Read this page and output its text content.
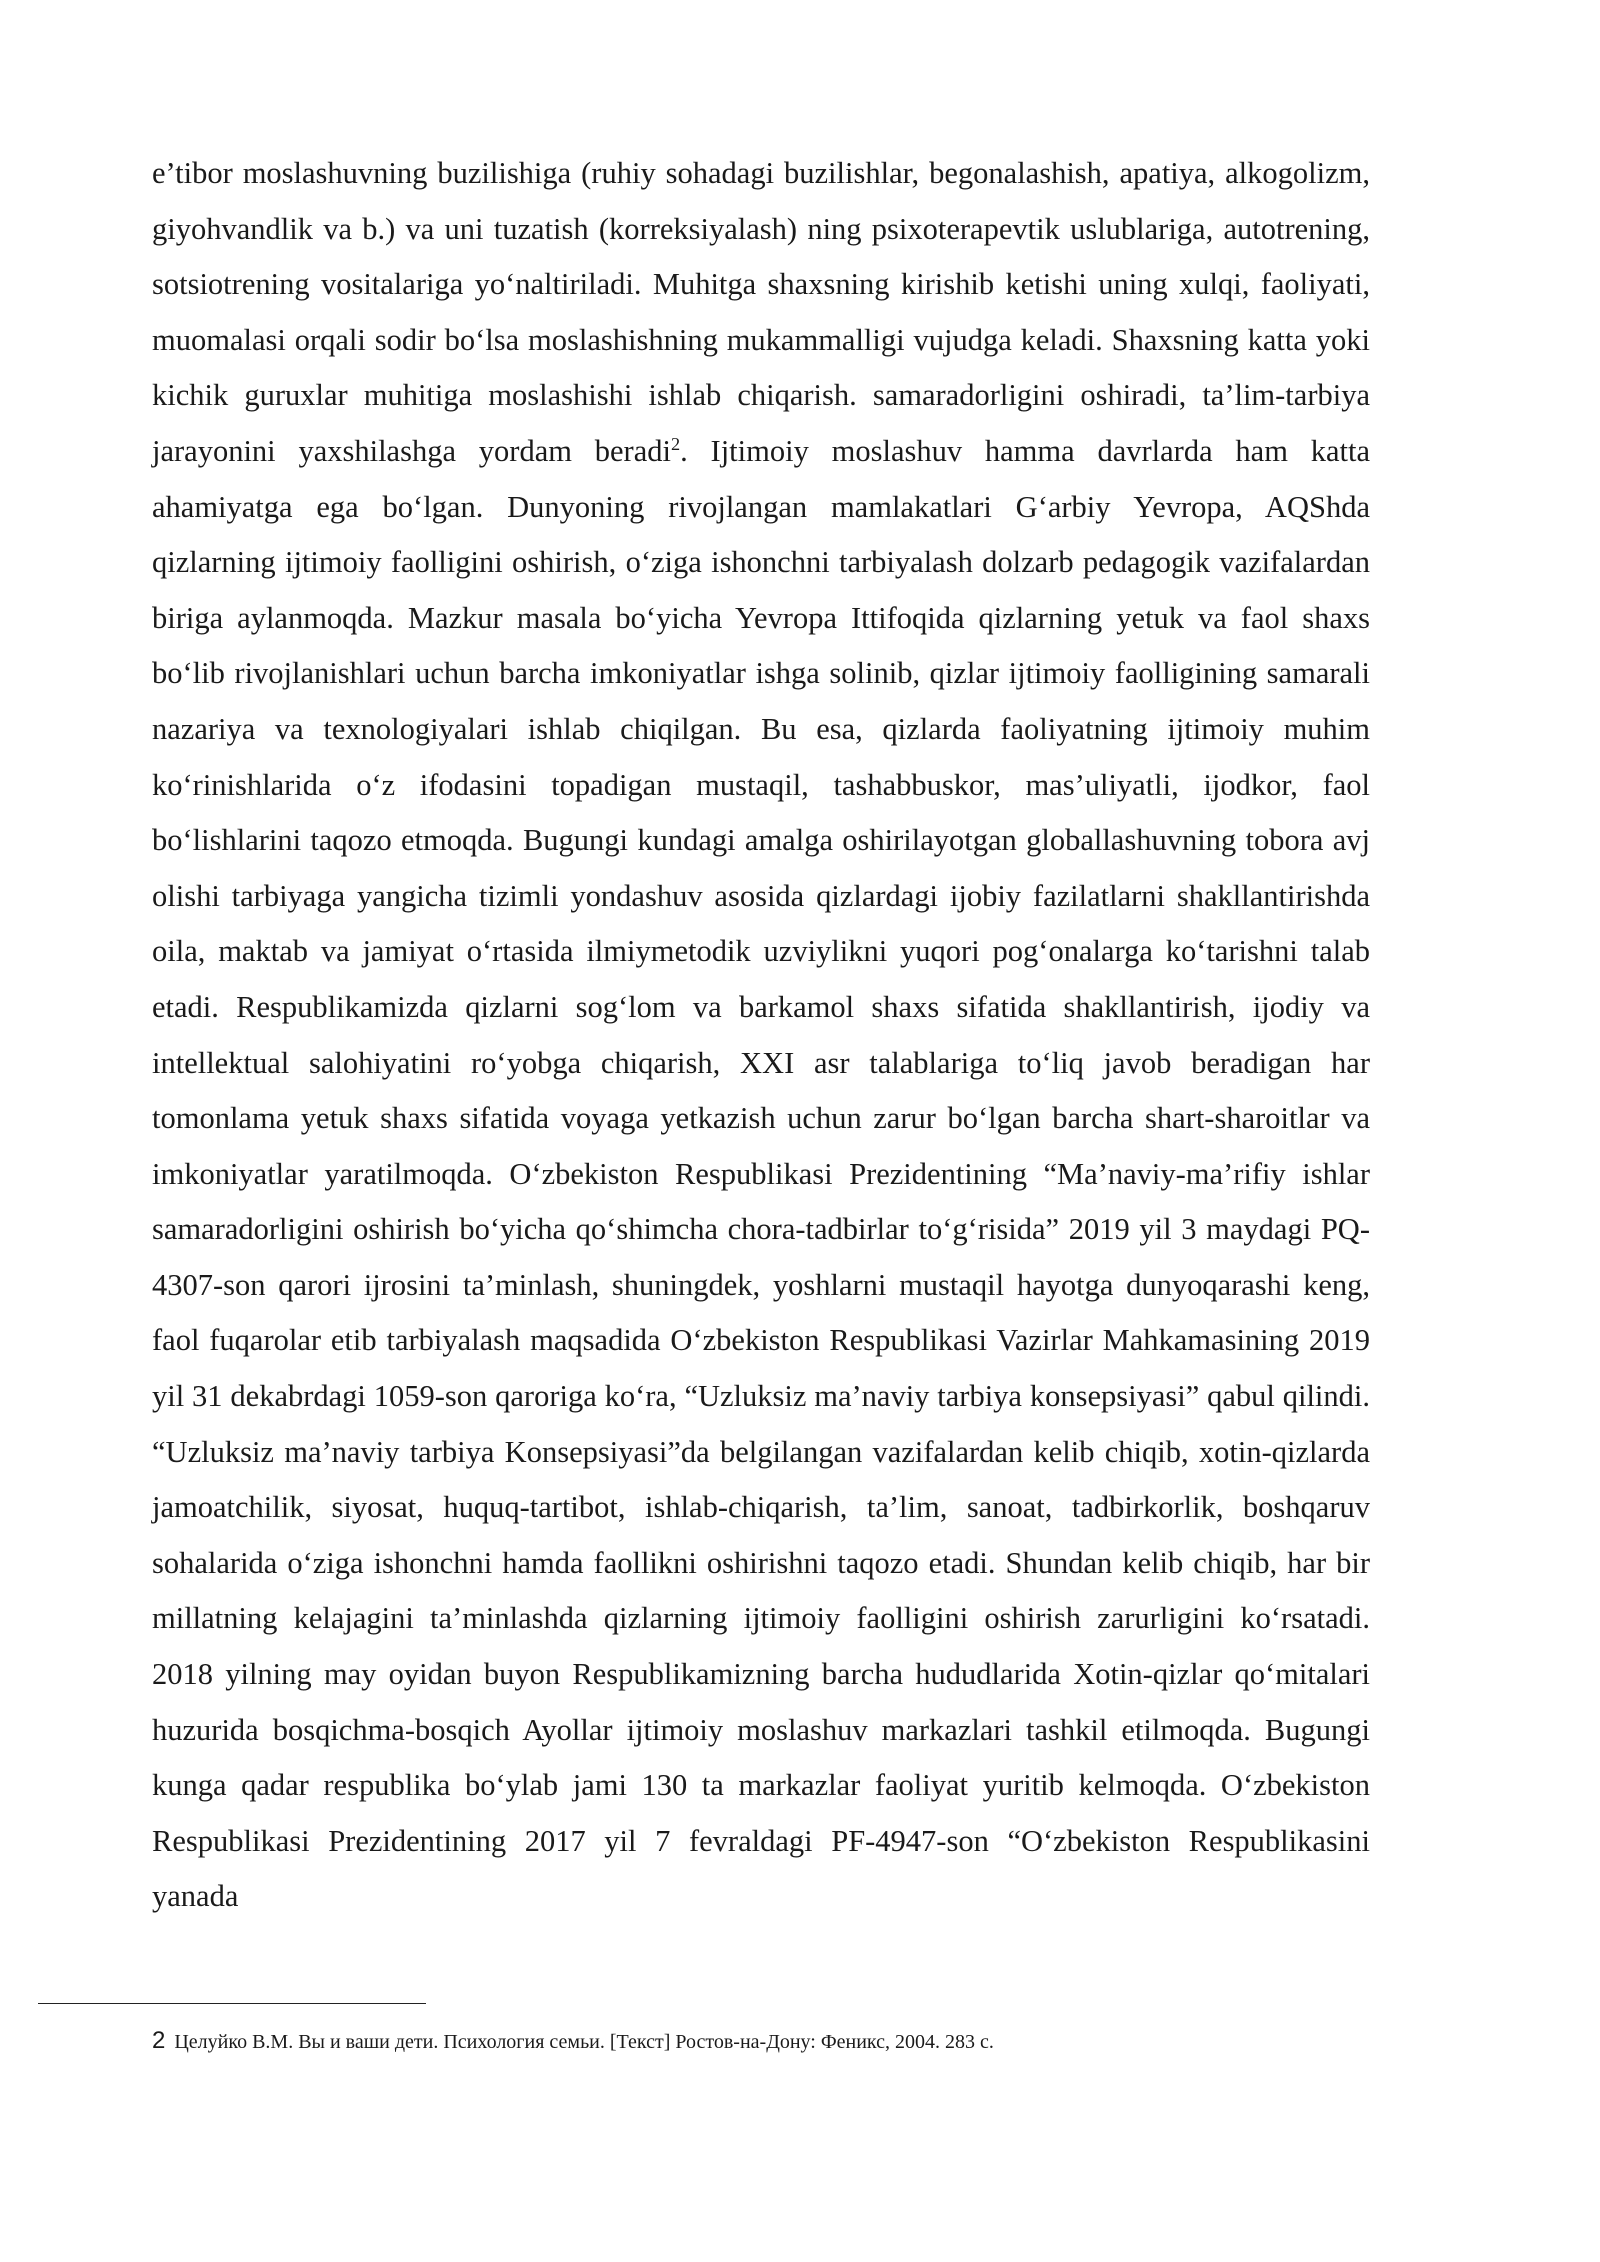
e’tibor moslashuvning buzilishiga (ruhiy sohadagi buzilishlar, begonalashish, apatiya, alkogolizm, giyohvandlik va b.) va uni tuzatish (korreksiyalash) ning psixoterapevtik uslublariga, autotrening, sotsiotrening vositalariga yo‘naltiriladi. Muhitga shaxsning kirishib ketishi uning xulqi, faoliyati, muomalasi orqali sodir bo‘lsa moslashishning mukammalligi vujudga keladi. Shaxsning katta yoki kichik guruxlar muhitiga moslashishi ishlab chiqarish. samaradorligini oshiradi, ta’lim-tarbiya jarayonini yaxshilashga yordam beradi$^2$. Ijtimoiy moslashuv hamma davrlarda ham katta ahamiyatga ega bo‘lgan. Dunyoning rivojlangan mamlakatlari G‘arbiy Yevropa, AQShda qizlarning ijtimoiy faolligini oshirish, o‘ziga ishonchni tarbiyalash dolzarb pedagogik vazifalardan biriga aylanmoqda. Mazkur masala bo‘yicha Yevropa Ittifoqida qizlarning yetuk va faol shaxs bo‘lib rivojlanishlari uchun barcha imkoniyatlar ishga solinib, qizlar ijtimoiy faolligining samarali nazariya va texnologiyalari ishlab chiqilgan. Bu esa, qizlarda faoliyatning ijtimoiy muhim ko‘rinishlarida o‘z ifodasini topadigan mustaqil, tashabbuskor, mas’uliyatli, ijodkor, faol bo‘lishlarini taqozo etmoqda. Bugungi kundagi amalga oshirilayotgan globallashuvning tobora avj olishi tarbiyaga yangicha tizimli yondashuv asosida qizlardagi ijobiy fazilatlarni shakllantirishda oila, maktab va jamiyat o‘rtasida ilmiymetodik uzviylikni yuqori pog‘onalarga ko‘tarishni talab etadi. Respublikamizda qizlarni sog‘lom va barkamol shaxs sifatida shakllantirish, ijodiy va intellektual salohiyatini ro‘yobga chiqarish, XXI asr talablariga to‘liq javob beradigan har tomonlama yetuk shaxs sifatida voyaga yetkazish uchun zarur bo‘lgan barcha shart-sharoitlar va imkoniyatlar yaratilmoqda. O‘zbekiston Respublikasi Prezidentining “Ma’naviy-ma’rifiy ishlar samaradorligini oshirish bo‘yicha qo‘shimcha chora-tadbirlar to‘g‘risida” 2019 yil 3 maydagi PQ-4307-son qarori ijrosini ta’minlash, shuningdek, yoshlarni mustaqil hayotga dunyoqarashi keng, faol fuqarolar etib tarbiyalash maqsadida O‘zbekiston Respublikasi Vazirlar Mahkamasining 2019 yil 31 dekabrdagi 1059-son qaroriga ko‘ra, “Uzluksiz ma’naviy tarbiya konsepsiyasi” qabul qilindi. “Uzluksiz ma’naviy tarbiya Konsepsiyasi”da belgilangan vazifalardan kelib chiqib, xotin-qizlarda jamoatchilik, siyosat, huquq-tartibot, ishlab-chiqarish, ta’lim, sanoat, tadbirkorlik, boshqaruv sohalarida o‘ziga ishonchni hamda faollikni oshirishni taqozo etadi. Shundan kelib chiqib, har bir millatning kelajagini ta’minlashda qizlarning ijtimoiy faolligini oshirish zarurligini ko‘rsatadi. 2018 yilning may oyidan buyon Respublikamizning barcha hududlarida Xotin-qizlar qo‘mitalari huzurida bosqichma-bosqich Ayollar ijtimoiy moslashuv markazlari tashkil etilmoqda. Bugungi kunga qadar respublika bo‘ylab jami 130 ta markazlar faoliyat yuritib kelmoqda. O‘zbekiston Respublikasi Prezidentining 2017 yil 7 fevraldagi PF-4947-son “O‘zbekiston Respublikasini yanada

2 Целуйко В.М. Вы и ваши дети. Психология семьи. [Текст] Ростов-на-Дону: Феникс, 2004. 283 с.
